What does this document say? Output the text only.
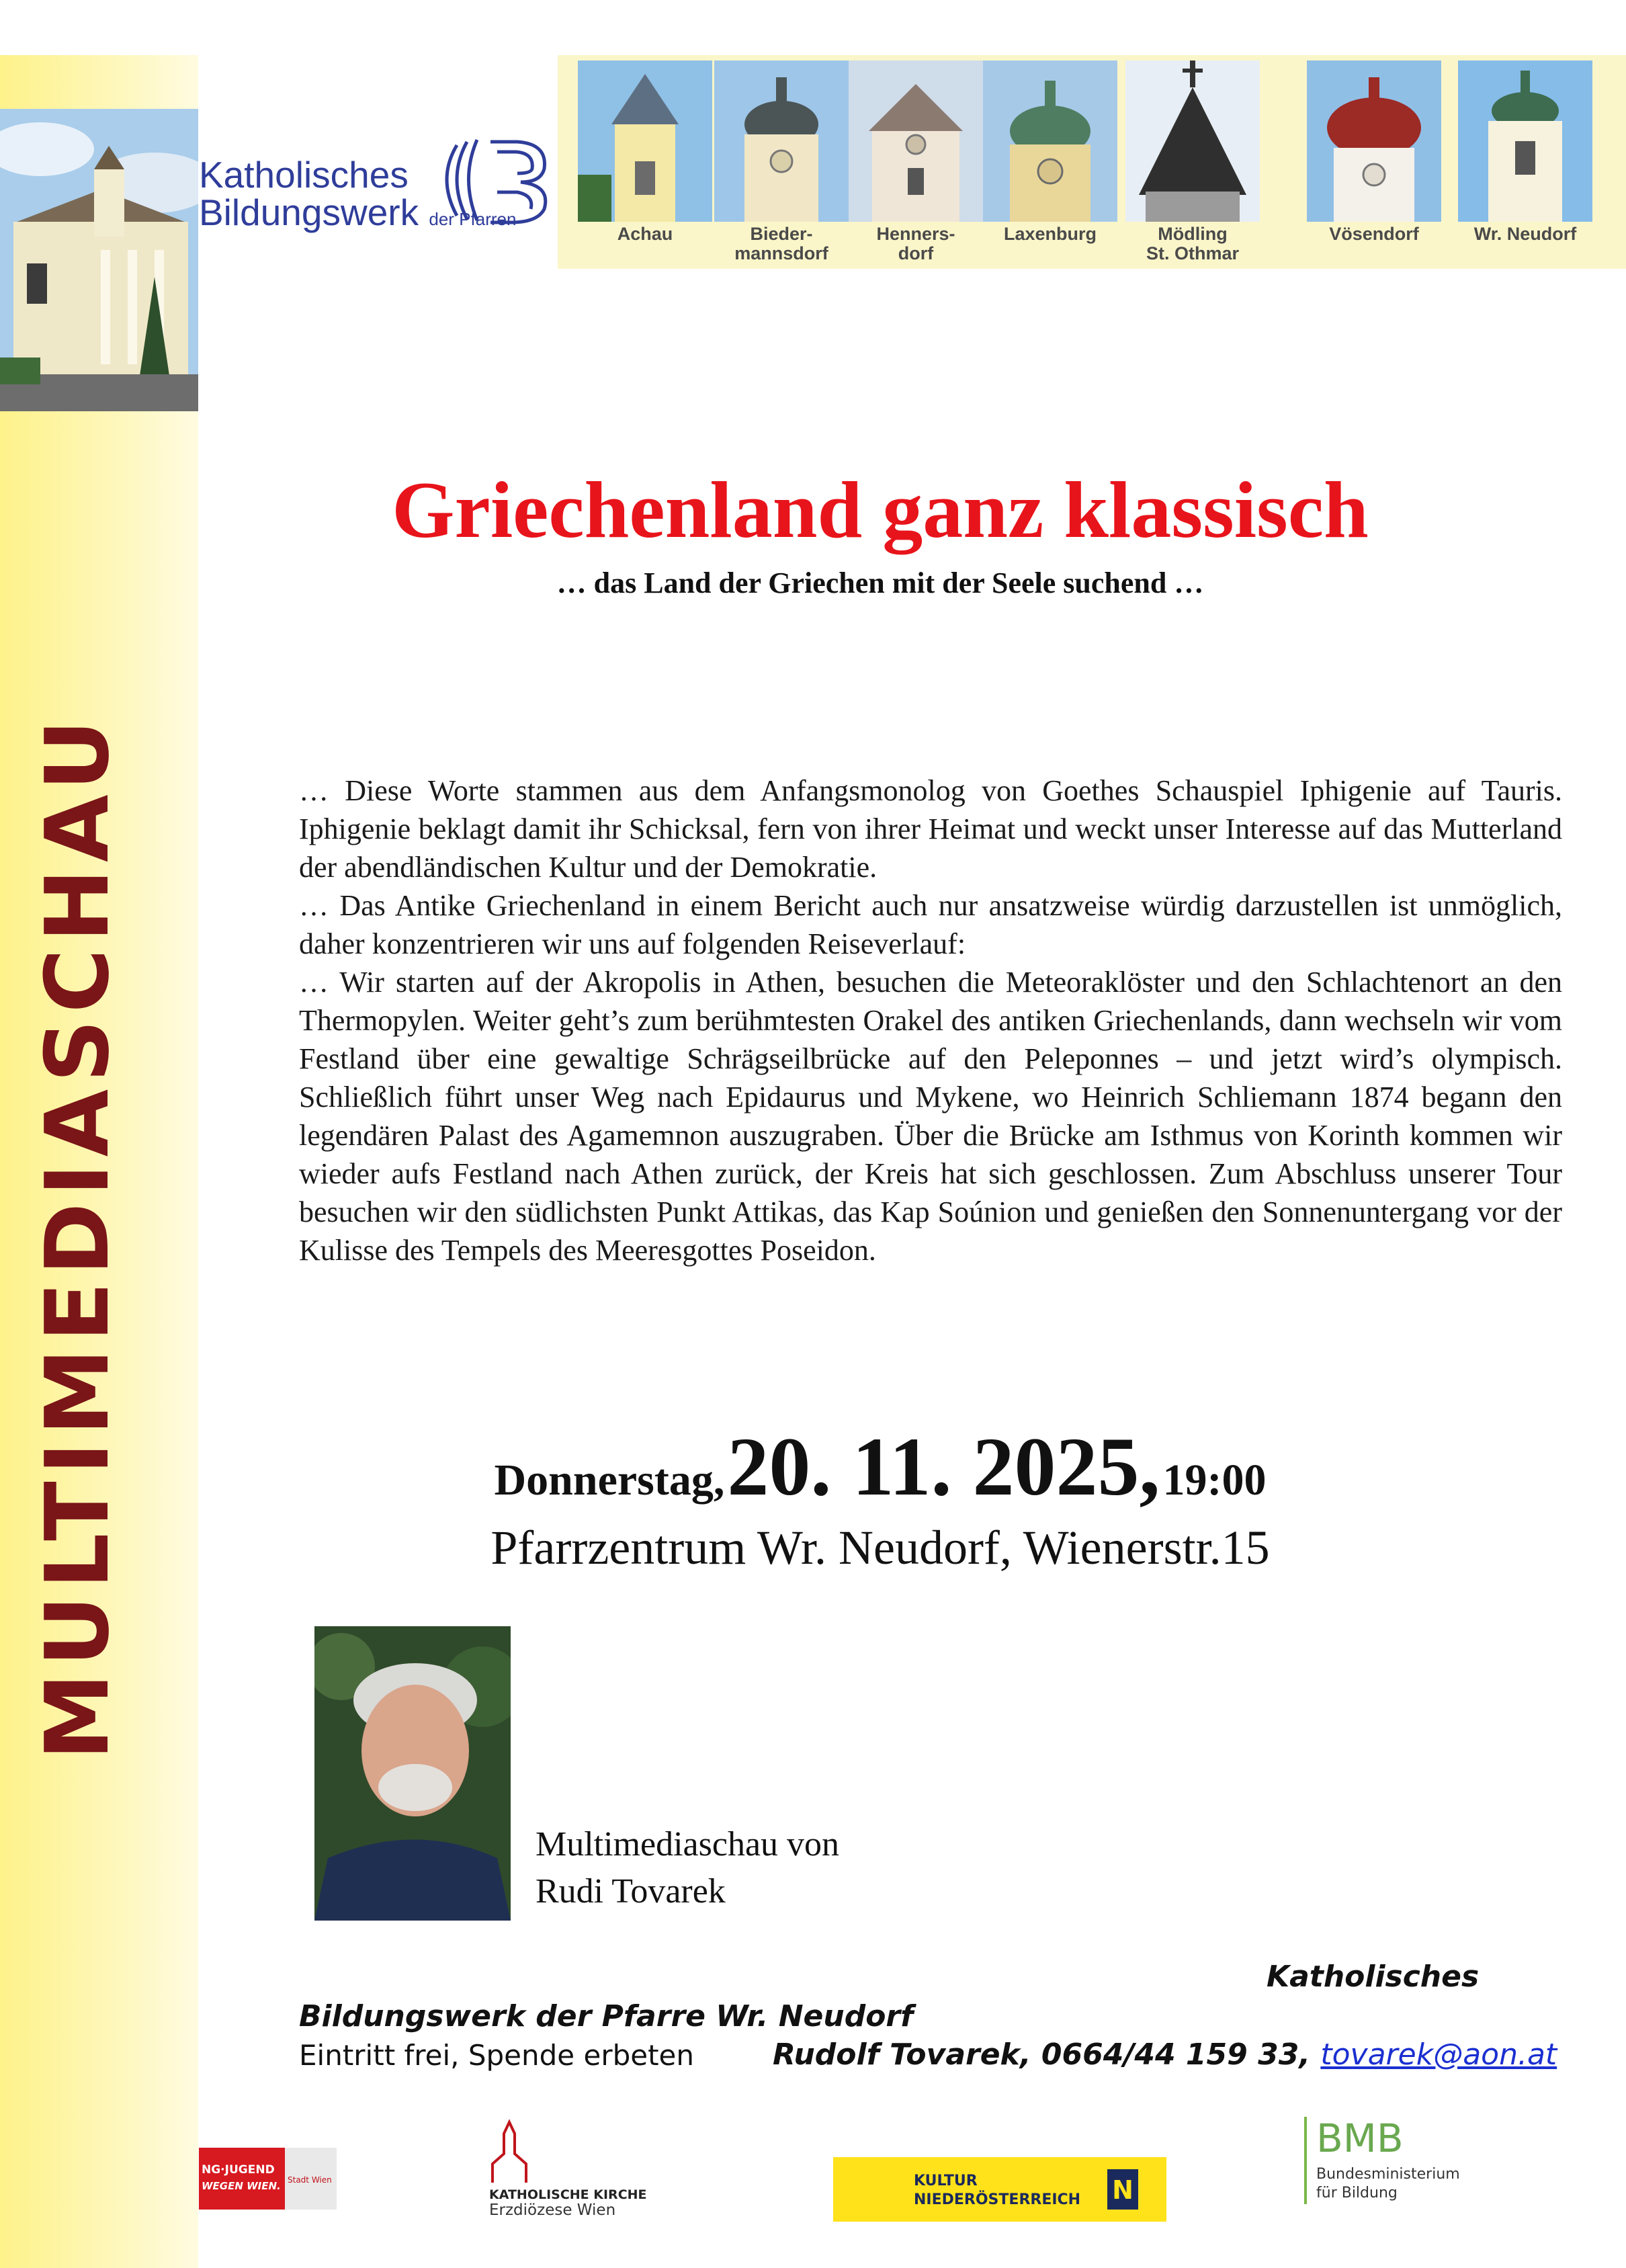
MULTIMEDIASCHAU
Katholisches
Bildungswerk der Pfarren
Achau	Bieder-
mannsdorf
Henners-
dorf
Laxenburg	Mödling
St. Othmar
Vösendorf	Wr. Neudorf
Griechenland ganz klassisch
… das Land der Griechen mit der Seele suchend …

… Diese Worte stammen aus dem Anfangsmonolog von Goethes Schauspiel Iphigenie auf Tauris. Iphigenie beklagt damit ihr Schicksal, fern von ihrer Heimat und weckt unser Interesse auf das Mutterland der abendländischen Kultur und der Demokratie.

… Das Antike Griechenland in einem Bericht auch nur ansatzweise würdig darzustellen ist unmöglich, daher konzentrieren wir uns auf folgenden Reiseverlauf:

… Wir starten auf der Akropolis in Athen, besuchen die Meteoraklöster und den Schlachtenort an den Thermopylen. Weiter geht’s zum berühmtesten Orakel des antiken Griechenlands, dann wechseln wir vom Festland über eine gewaltige Schrägseilbrücke auf den Peleponnes – und jetzt wird’s olympisch. Schließlich führt unser Weg nach Epidaurus und Mykene, wo Heinrich Schliemann 1874 begann den legendären Palast des Agamemnon auszugraben. Über die Brücke am Isthmus von Korinth kommen wir wieder aufs Festland nach Athen zurück, der Kreis hat sich geschlossen. Zum Abschluss unserer Tour besuchen wir den südlichsten Punkt Attikas, das Kap Soúnion und genießen den Sonnenuntergang vor der Kulisse des Tempels des Meeresgottes Poseidon.

Donnerstag, 20. 11. 2025, 19:00
Pfarrzentrum Wr. Neudorf, Wienerstr.15
Multimediaschau von
Rudi Tovarek
Katholisches
Bildungswerk der Pfarre Wr. Neudorf
Eintritt frei, Spende erbeten	Rudolf Tovarek, 0664/44 159 33, tovarek@aon.at
NG·JUGEND
WEGEN WIEN. Stadt Wien
KATHOLISCHE KIRCHE
Erzdiözese Wien
KULTUR
NIEDERÖSTERREICH N
BMB
Bundesministerium
für Bildung
